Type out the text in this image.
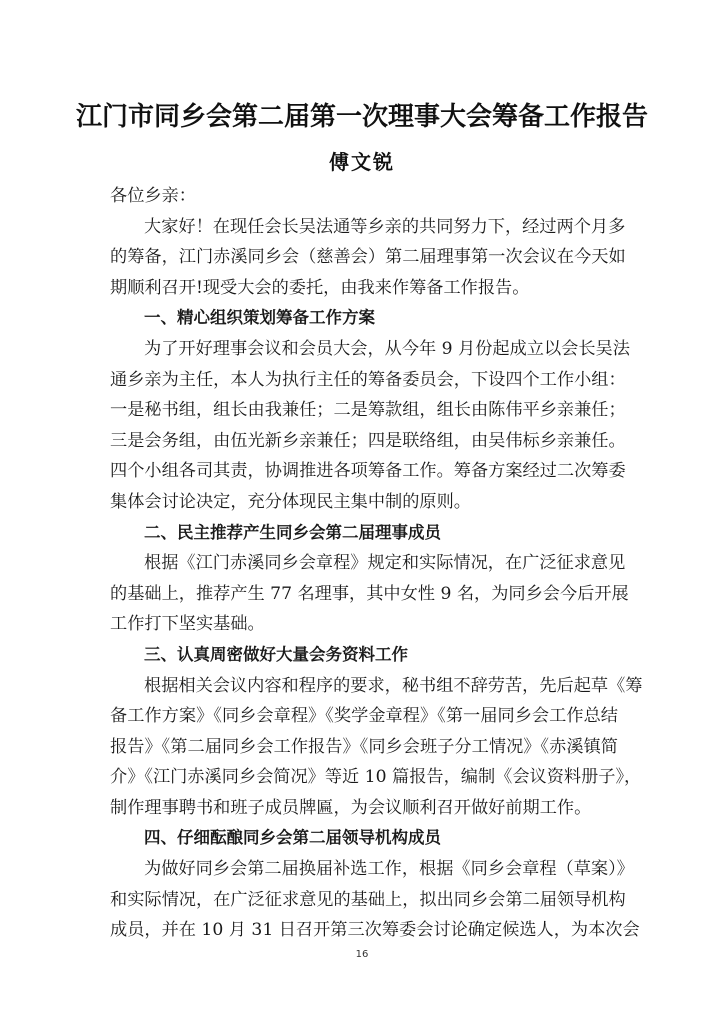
江门市同乡会第二届第一次理事大会筹备工作报告
傅文锐
各位乡亲：
大家好！在现任会长吴法通等乡亲的共同努力下，经过两个月多
的筹备，江门赤溪同乡会（慈善会）第二届理事第一次会议在今天如
期顺利召开!现受大会的委托，由我来作筹备工作报告。
一、精心组织策划筹备工作方案
为了开好理事会议和会员大会，从今年 9 月份起成立以会长吴法
通乡亲为主任，本人为执行主任的筹备委员会，下设四个工作小组：
一是秘书组，组长由我兼任；二是筹款组，组长由陈伟平乡亲兼任；
三是会务组，由伍光新乡亲兼任；四是联络组，由吴伟标乡亲兼任。
四个小组各司其责，协调推进各项筹备工作。筹备方案经过二次筹委
集体会讨论决定，充分体现民主集中制的原则。
二、民主推荐产生同乡会第二届理事成员
根据《江门赤溪同乡会章程》规定和实际情况，在广泛征求意见
的基础上，推荐产生 77 名理事，其中女性 9 名，为同乡会今后开展
工作打下坚实基础。
三、认真周密做好大量会务资料工作
根据相关会议内容和程序的要求，秘书组不辞劳苦，先后起草《筹
备工作方案》《同乡会章程》《奖学金章程》《第一届同乡会工作总结
报告》《第二届同乡会工作报告》《同乡会班子分工情况》《赤溪镇简
介》《江门赤溪同乡会简况》等近 10 篇报告，编制《会议资料册子》，
制作理事聘书和班子成员牌匾，为会议顺利召开做好前期工作。
四、仔细酝酿同乡会第二届领导机构成员
为做好同乡会第二届换届补选工作，根据《同乡会章程（草案）》
和实际情况，在广泛征求意见的基础上，拟出同乡会第二届领导机构
成员，并在 10 月 31 日召开第三次筹委会讨论确定候选人，为本次会
16
